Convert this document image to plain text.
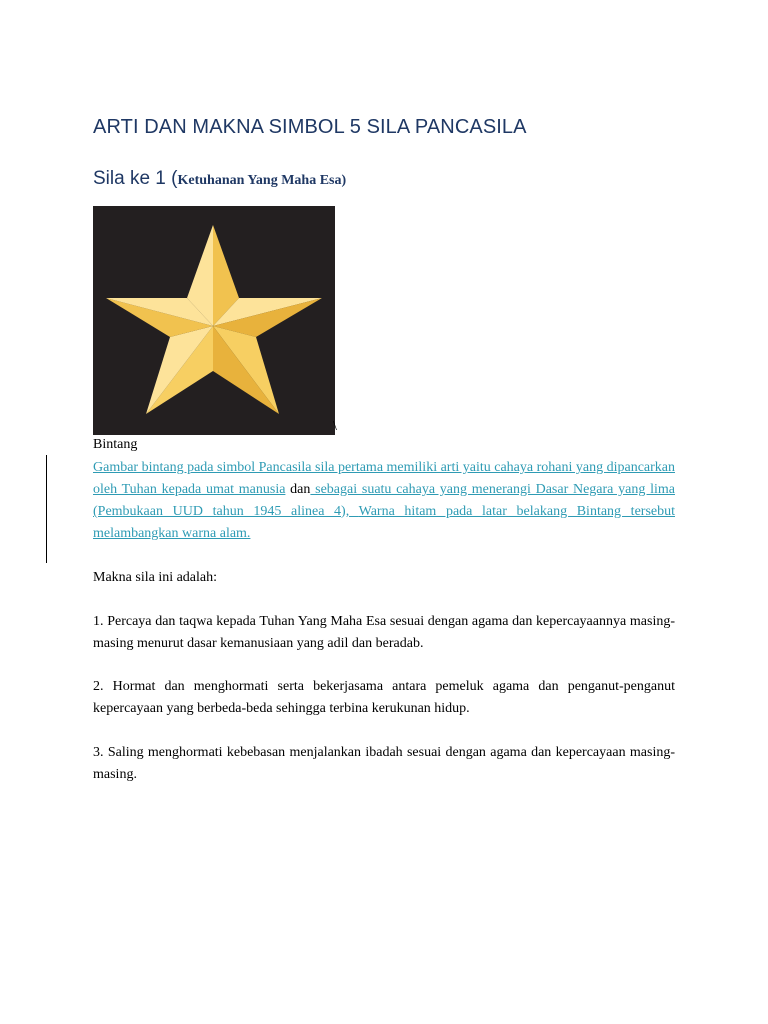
ARTI DAN MAKNA SIMBOL 5 SILA PANCASILA
Sila ke 1 (Ketuhanan Yang Maha Esa)
\
Bintang

Gambar bintang pada simbol Pancasila sila pertama memiliki arti yaitu cahaya rohani yang dipancarkan oleh Tuhan kepada umat manusia dan sebagai suatu cahaya yang menerangi Dasar Negara yang lima (Pembukaan UUD tahun 1945 alinea 4), Warna hitam pada latar belakang Bintang tersebut melambangkan warna alam.

Makna sila ini adalah:

1. Percaya dan taqwa kepada Tuhan Yang Maha Esa sesuai dengan agama dan kepercayaannya masing-masing menurut dasar kemanusiaan yang adil dan beradab.

2. Hormat dan menghormati serta bekerjasama antara pemeluk agama dan penganut-penganut kepercayaan yang berbeda-beda sehingga terbina kerukunan hidup.

3. Saling menghormati kebebasan menjalankan ibadah sesuai dengan agama dan kepercayaan masing-masing.
